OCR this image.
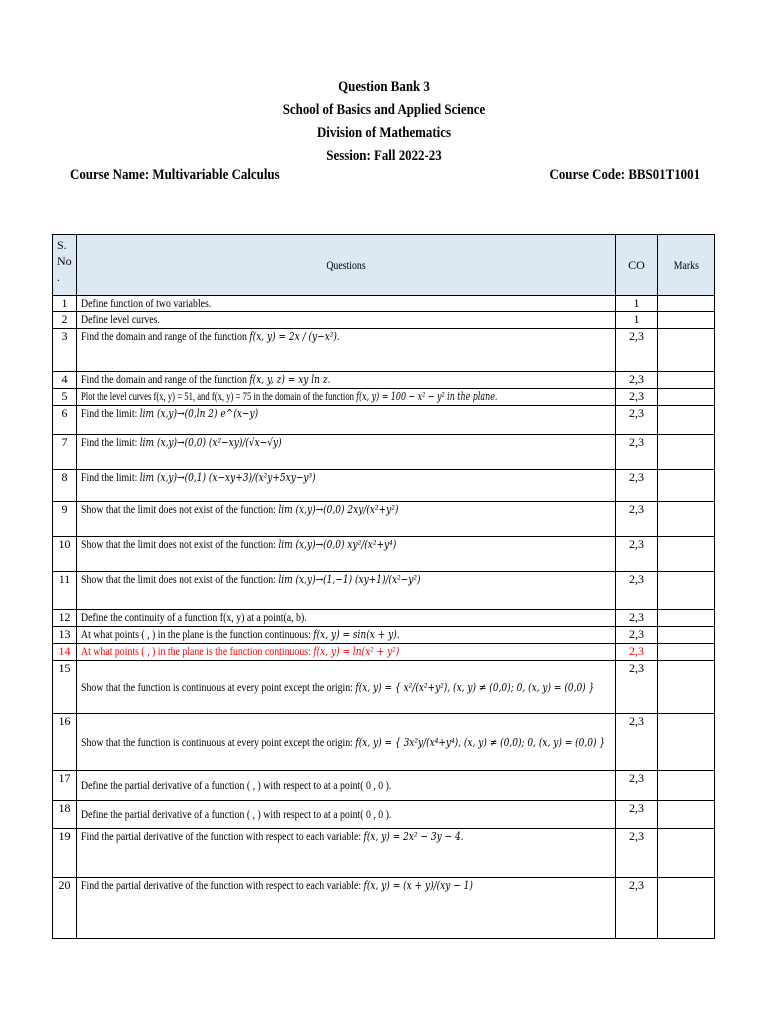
Question Bank 3
School of Basics and Applied Science
Division of Mathematics
Session: Fall 2022-23
Course Name: Multivariable Calculus	Course Code: BBS01T1001
S. No .	Questions	CO	Marks
1	Define function of two variables.	1	
2	Define level curves.	1	
3	Find the domain and range of the function f(x, y) = 2x / (y−x²).	2,3	
4	Find the domain and range of the function f(x, y, z) = xy ln z.	2,3	
5	Plot the level curves f(x, y) = 51, and f(x, y) = 75 in the domain of the function f(x, y) = 100 − x² − y² in the plane.	2,3	
6	Find the limit: lim (x,y)→(0,ln 2) e^(x−y)	2,3	
7	Find the limit: lim (x,y)→(0,0) (x²−xy)/(√x−√y)	2,3	
8	Find the limit: lim (x,y)→(0,1) (x−xy+3)/(x²y+5xy−y³)	2,3	
9	Show that the limit does not exist of the function: lim (x,y)→(0,0) 2xy/(x²+y²)	2,3	
10	Show that the limit does not exist of the function: lim (x,y)→(0,0) xy²/(x²+y⁴)	2,3	
11	Show that the limit does not exist of the function: lim (x,y)→(1,−1) (xy+1)/(x²−y²)	2,3	
12	Define the continuity of a function f(x, y) at a point(a, b).	2,3	
13	At what points ( , ) in the plane is the function continuous: f(x, y) = sin(x + y).	2,3	
14	At what points ( , ) in the plane is the function continuous: f(x, y) = ln(x² + y²)	2,3	
15	Show that the function is continuous at every point except the origin: f(x, y) = { x²/(x²+y²), (x, y) ≠ (0,0); 0, (x, y) = (0,0) }	2,3	
16	Show that the function is continuous at every point except the origin: f(x, y) = { 3x²y/(x⁴+y⁴), (x, y) ≠ (0,0); 0, (x, y) = (0,0) }	2,3	
17	Define the partial derivative of a function ( , ) with respect to at a point( 0 , 0 ).	2,3	
18	Define the partial derivative of a function ( , ) with respect to at a point( 0 , 0 ).	2,3	
19	Find the partial derivative of the function with respect to each variable: f(x, y) = 2x² − 3y − 4.	2,3	
20	Find the partial derivative of the function with respect to each variable: f(x, y) = (x + y)/(xy − 1)	2,3	
